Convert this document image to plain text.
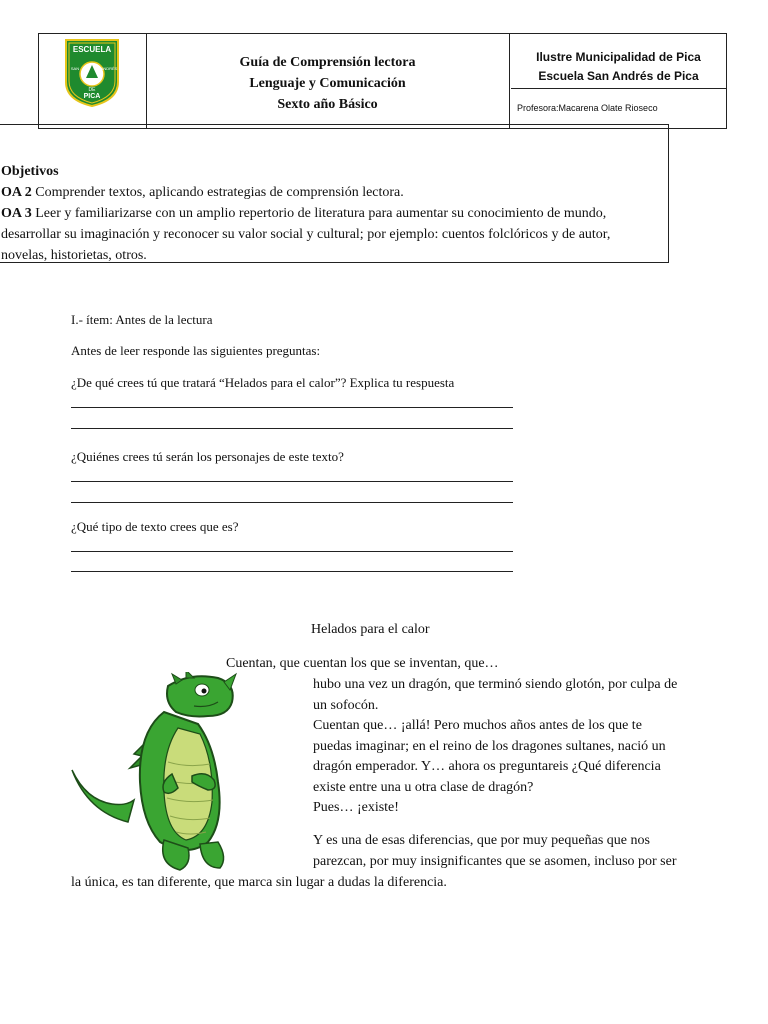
ESCUELA
SAN	ANDRÉS
DE
PICA
Guía de Comprensión lectora
Lenguaje y Comunicación
Sexto año Básico
Ilustre Municipalidad de Pica
Escuela San Andrés de Pica
Profesora:Macarena Olate Rioseco
Objetivos
OA 2 Comprender textos, aplicando estrategias de comprensión lectora.
OA 3 Leer y familiarizarse con un amplio repertorio de literatura para aumentar su conocimiento de mundo,
desarrollar su imaginación y reconocer su valor social y cultural; por ejemplo: cuentos folclóricos y de autor,
novelas, historietas, otros.
I.- ítem: Antes de la lectura
Antes de leer responde las siguientes preguntas:
¿De qué crees tú que tratará “Helados para el calor”? Explica tu respuesta
¿Quiénes crees tú serán los personajes de este texto?
¿Qué tipo de texto crees que es?
Helados para el calor
Cuentan, que cuentan los que se inventan, que…
hubo una vez un dragón, que terminó siendo glotón, por culpa de
un sofocón.
Cuentan que… ¡allá! Pero muchos años antes de los que te
puedas imaginar; en el reino de los dragones sultanes, nació un
dragón emperador. Y… ahora os preguntareis ¿Qué diferencia
existe entre una u otra clase de dragón?
Pues… ¡existe!
Y es una de esas diferencias, que por muy pequeñas que nos
parezcan, por muy insignificantes que se asomen, incluso por ser
la única, es tan diferente, que marca sin lugar a dudas la diferencia.
